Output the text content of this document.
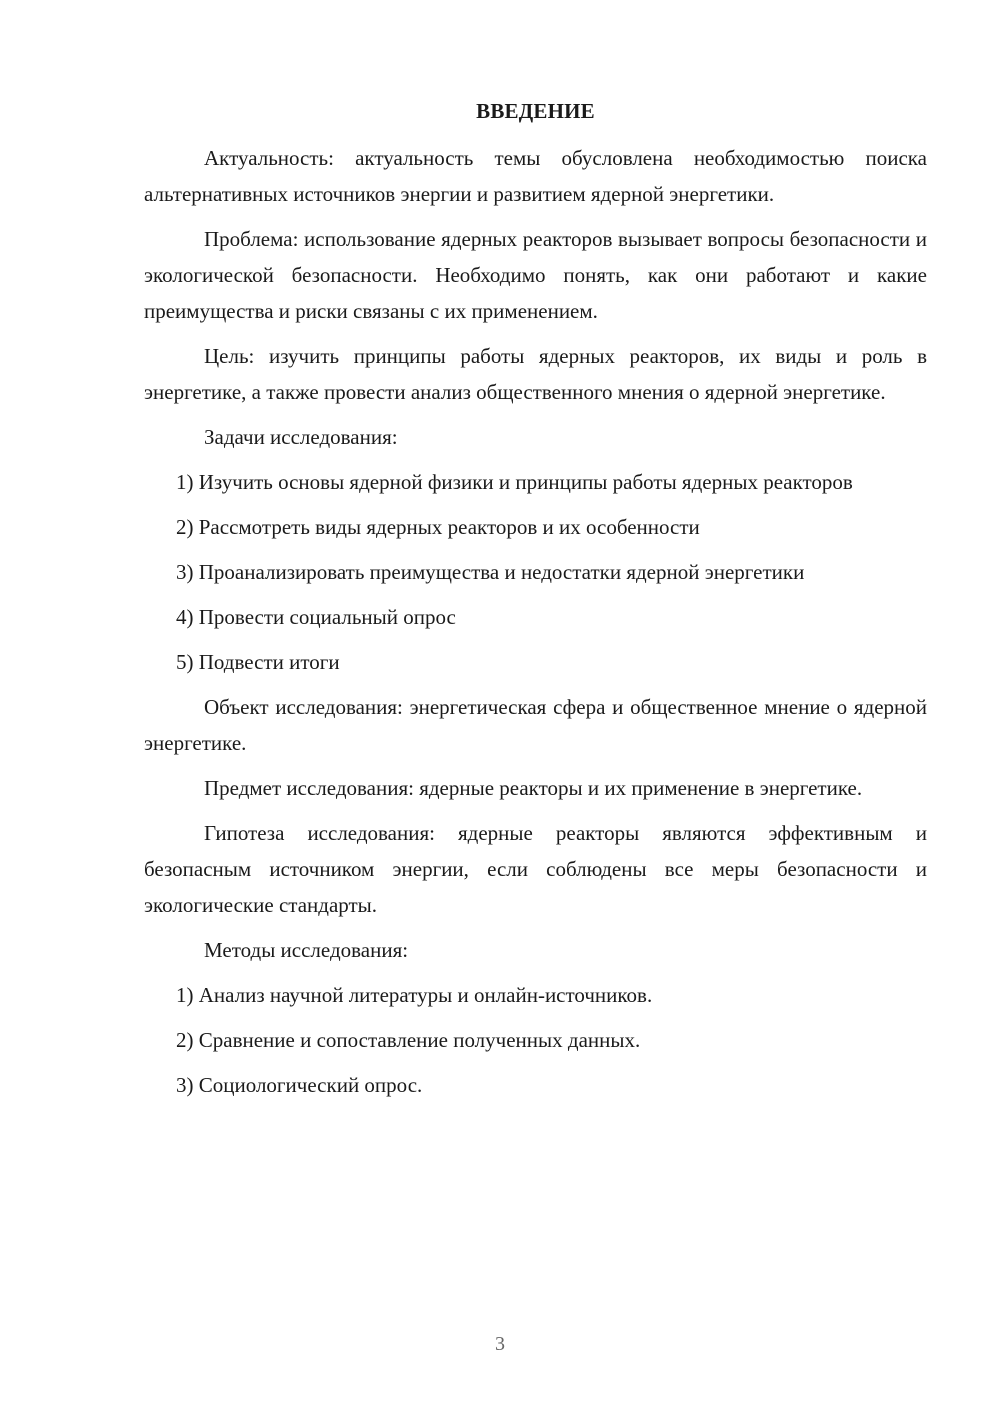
ВВЕДЕНИЕ

Актуальность: актуальность темы обусловлена необходимостью поиска альтернативных источников энергии и развитием ядерной энергетики.

Проблема: использование ядерных реакторов вызывает вопросы безопасности и экологической безопасности. Необходимо понять, как они работают и какие преимущества и риски связаны с их применением.

Цель: изучить принципы работы ядерных реакторов, их виды и роль в энергетике, а также провести анализ общественного мнения о ядерной энергетике.

Задачи исследования:

1) Изучить основы ядерной физики и принципы работы ядерных реакторов

2) Рассмотреть виды ядерных реакторов и их особенности

3) Проанализировать преимущества и недостатки ядерной энергетики

4) Провести социальный опрос

5) Подвести итоги

Объект исследования: энергетическая сфера и общественное мнение о ядерной энергетике.

Предмет исследования: ядерные реакторы и их применение в энергетике.

Гипотеза исследования: ядерные реакторы являются эффективным и безопасным источником энергии, если соблюдены все меры безопасности и экологические стандарты.

Методы исследования:

1) Анализ научной литературы и онлайн-источников.

2) Сравнение и сопоставление полученных данных.

3) Социологический опрос.

3
